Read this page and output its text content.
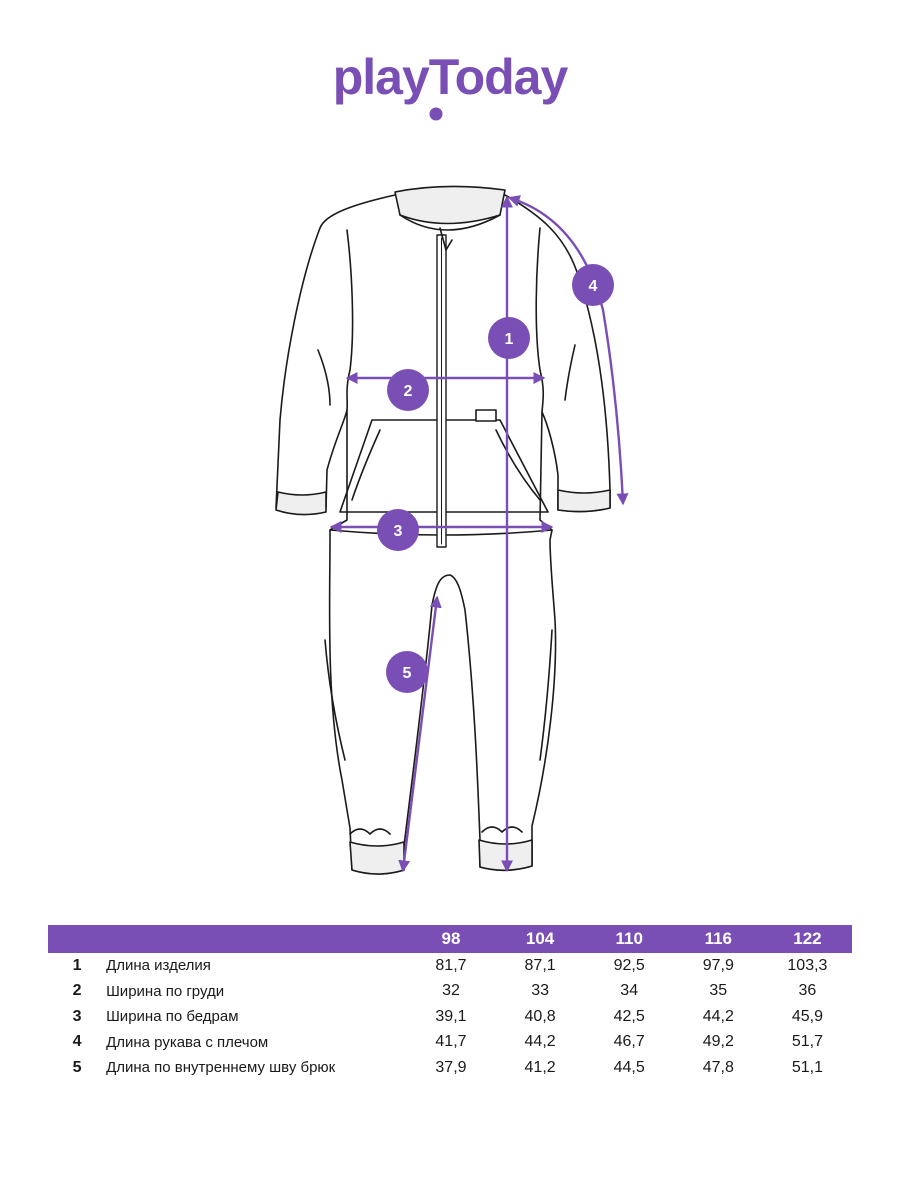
playToday
1
2
3
4
5
		98	104	110	116	122
1	Длина изделия	81,7	87,1	92,5	97,9	103,3
2	Ширина по груди	32	33	34	35	36
3	Ширина по бедрам	39,1	40,8	42,5	44,2	45,9
4	Длина рукава с плечом	41,7	44,2	46,7	49,2	51,7
5	Длина по внутреннему шву брюк	37,9	41,2	44,5	47,8	51,1
